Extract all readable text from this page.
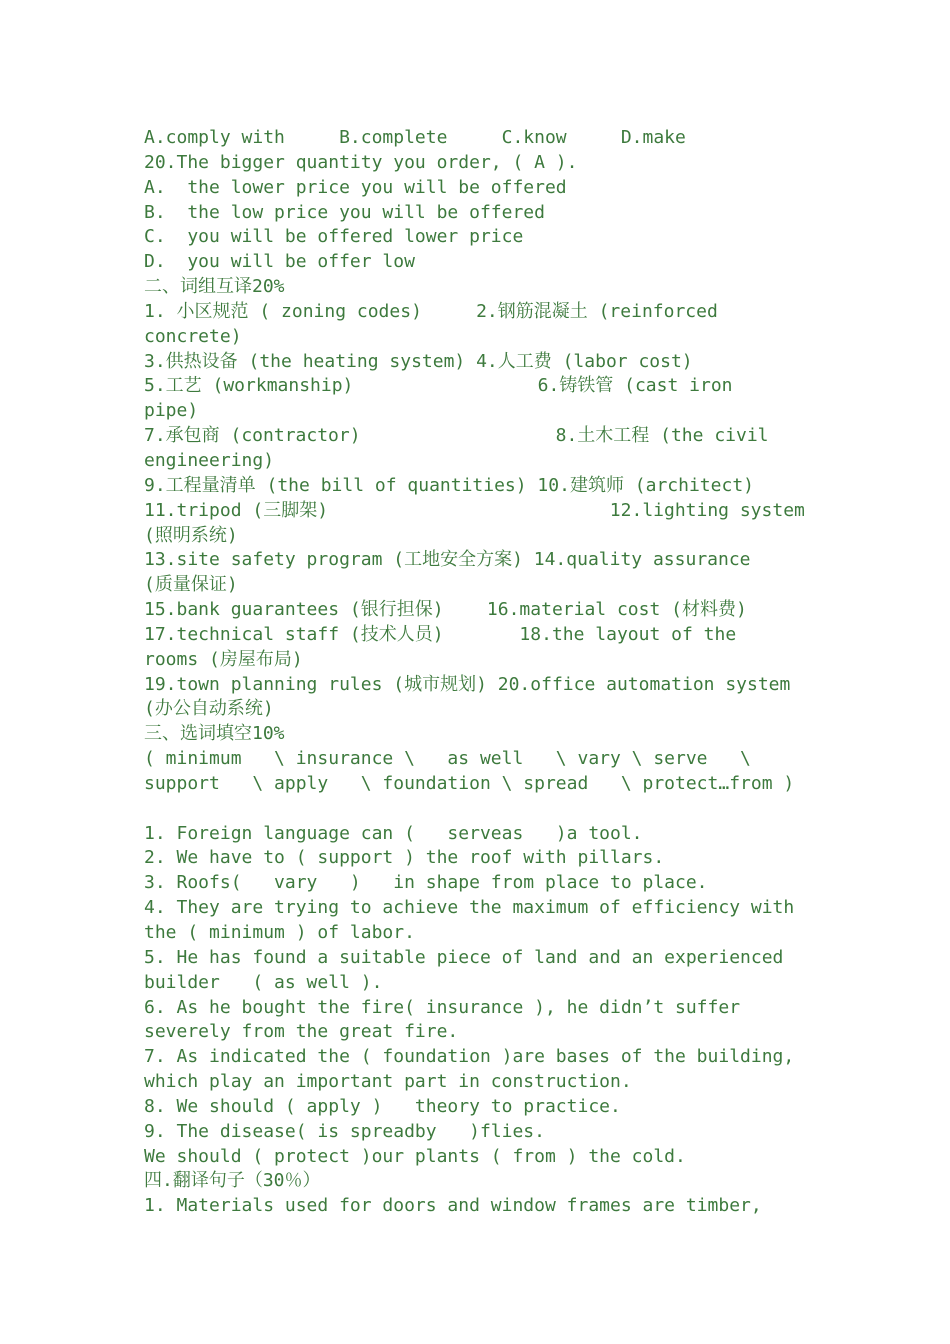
A.comply with     B.complete     C.know     D.make
20.The bigger quantity you order, ( A ).
A.  the lower price you will be offered
B.  the low price you will be offered
C.  you will be offered lower price
D.  you will be offer low
二、词组互译20%
1. 小区规范 ( zoning codes)     2.钢筋混凝土 (reinforced
concrete)
3.供热设备 (the heating system) 4.人工费 (labor cost)
5.工艺 (workmanship)                 6.铸铁管 (cast iron
pipe)
7.承包商 (contractor)                  8.土木工程 (the civil
engineering)
9.工程量清单 (the bill of quantities) 10.建筑师 (architect)
11.tripod (三脚架)                          12.lighting system
(照明系统)
13.site safety program (工地安全方案) 14.quality assurance
(质量保证)
15.bank guarantees (银行担保)    16.material cost (材料费)
17.technical staff (技术人员)       18.the layout of the
rooms (房屋布局)
19.town planning rules (城市规划) 20.office automation system
(办公自动系统)
三、选词填空10%
( minimum   \ insurance \   as well   \ vary \ serve   \
support   \ apply   \ foundation \ spread   \ protect…from )
1. Foreign language can (   serveas   )a tool.
2. We have to ( support ) the roof with pillars.
3. Roofs(   vary   )   in shape from place to place.
4. They are trying to achieve the maximum of efficiency with
the ( minimum ) of labor.
5. He has found a suitable piece of land and an experienced
builder   ( as well ).
6. As he bought the fire( insurance ), he didn’t suffer
severely from the great fire.
7. As indicated the ( foundation )are bases of the building,
which play an important part in construction.
8. We should ( apply )   theory to practice.
9. The disease( is spreadby   )flies.
We should ( protect )our plants ( from ) the cold.
四.翻译句子（30％）
1. Materials used for doors and window frames are timber,
